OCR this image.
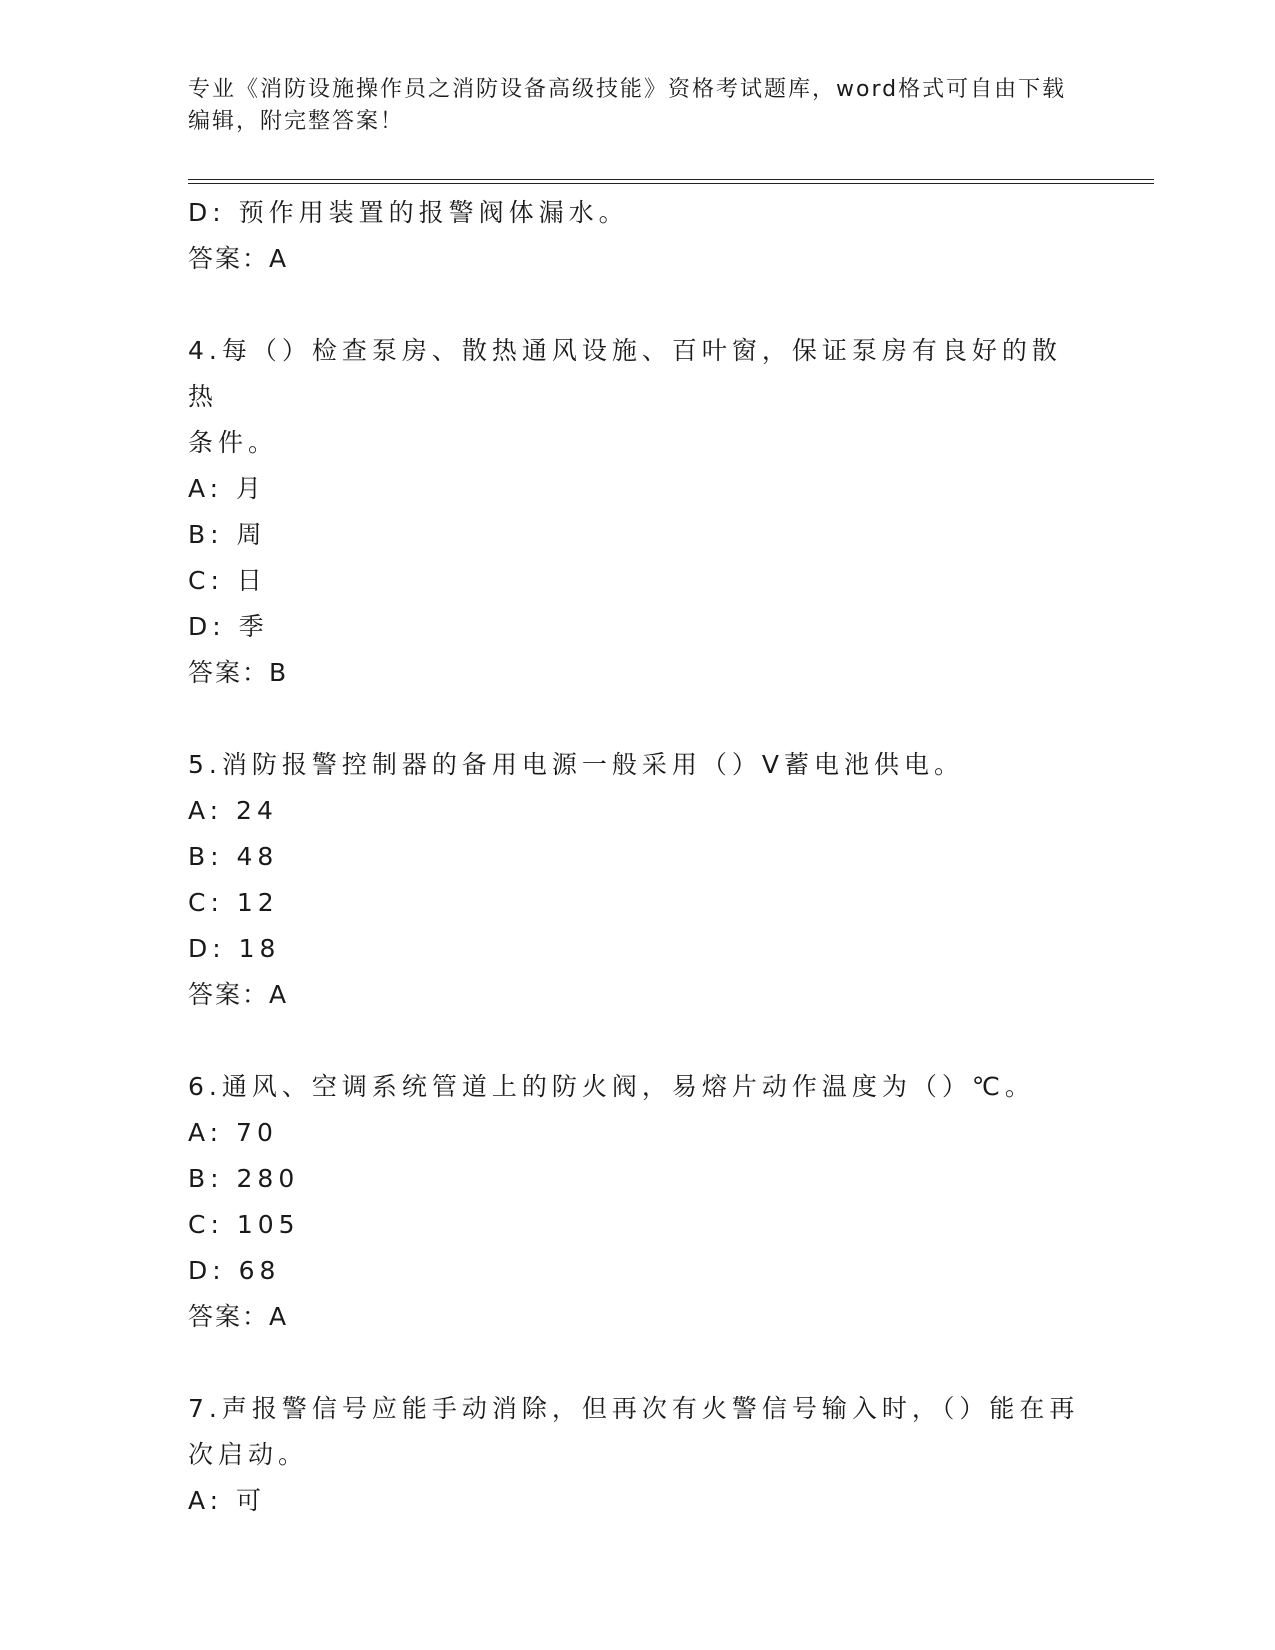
专业《消防设施操作员之消防设备高级技能》资格考试题库，word格式可自由下载编辑，附完整答案！
D: 预作用装置的报警阀体漏水。
答案：A
4.每（）检查泵房、散热通风设施、百叶窗，保证泵房有良好的散热
条件。
A: 月
B: 周
C: 日
D: 季
答案：B
5.消防报警控制器的备用电源一般采用（）V蓄电池供电。
A: 24
B: 48
C: 12
D: 18
答案：A
6.通风、空调系统管道上的防火阀，易熔片动作温度为（）℃。
A: 70
B: 280
C: 105
D: 68
答案：A
7.声报警信号应能手动消除，但再次有火警信号输入时，（）能在再
次启动。
A: 可
